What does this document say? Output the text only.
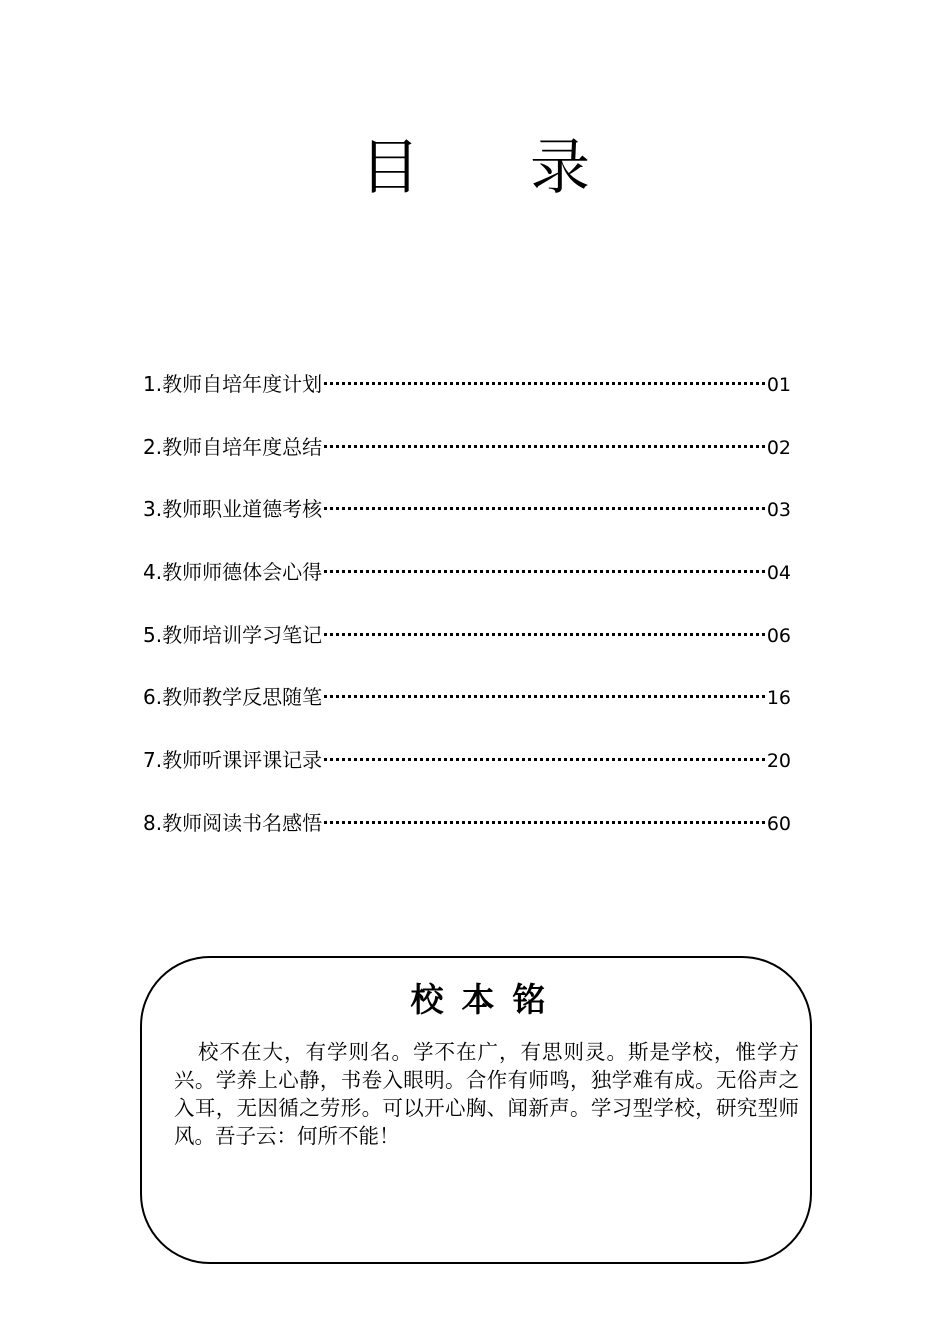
目录
1.教师自培年度计划	01
2.教师自培年度总结	02
3.教师职业道德考核	03
4.教师师德体会心得	04
5.教师培训学习笔记	06
6.教师教学反思随笔	16
7.教师听课评课记录	20
8.教师阅读书名感悟	60
校本铭
校不在大，有学则名。学不在广，有思则灵。斯是学校，惟学方兴。学养上心静，书卷入眼明。合作有师鸣，独学难有成。无俗声之入耳，无因循之劳形。可以开心胸、闻新声。学习型学校，研究型师风。吾子云：何所不能！
